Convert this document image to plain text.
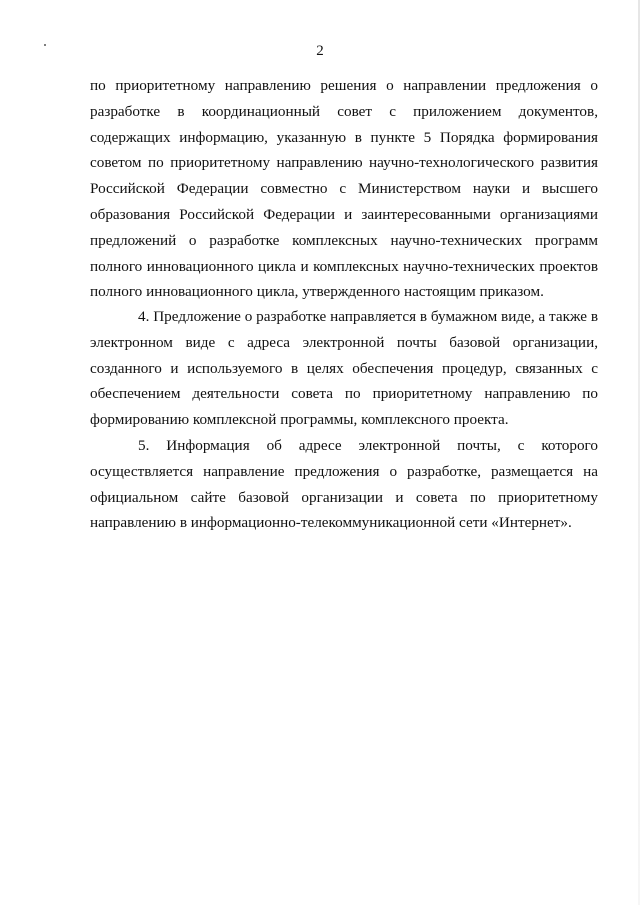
2

по приоритетному направлению решения о направлении предложения о разработке в координационный совет с приложением документов, содержащих информацию, указанную в пункте 5 Порядка формирования советом по приоритетному направлению научно-технологического развития Российской Федерации совместно с Министерством науки и высшего образования Российской Федерации и заинтересованными организациями предложений о разработке комплексных научно-технических программ полного инновационного цикла и комплексных научно-технических проектов полного инновационного цикла, утвержденного настоящим приказом.

4. Предложение о разработке направляется в бумажном виде, а также в электронном виде с адреса электронной почты базовой организации, созданного и используемого в целях обеспечения процедур, связанных с обеспечением деятельности совета по приоритетному направлению по формированию комплексной программы, комплексного проекта.

5. Информация об адресе электронной почты, с которого осуществляется направление предложения о разработке, размещается на официальном сайте базовой организации и совета по приоритетному направлению в информационно-телекоммуникационной сети «Интернет».
